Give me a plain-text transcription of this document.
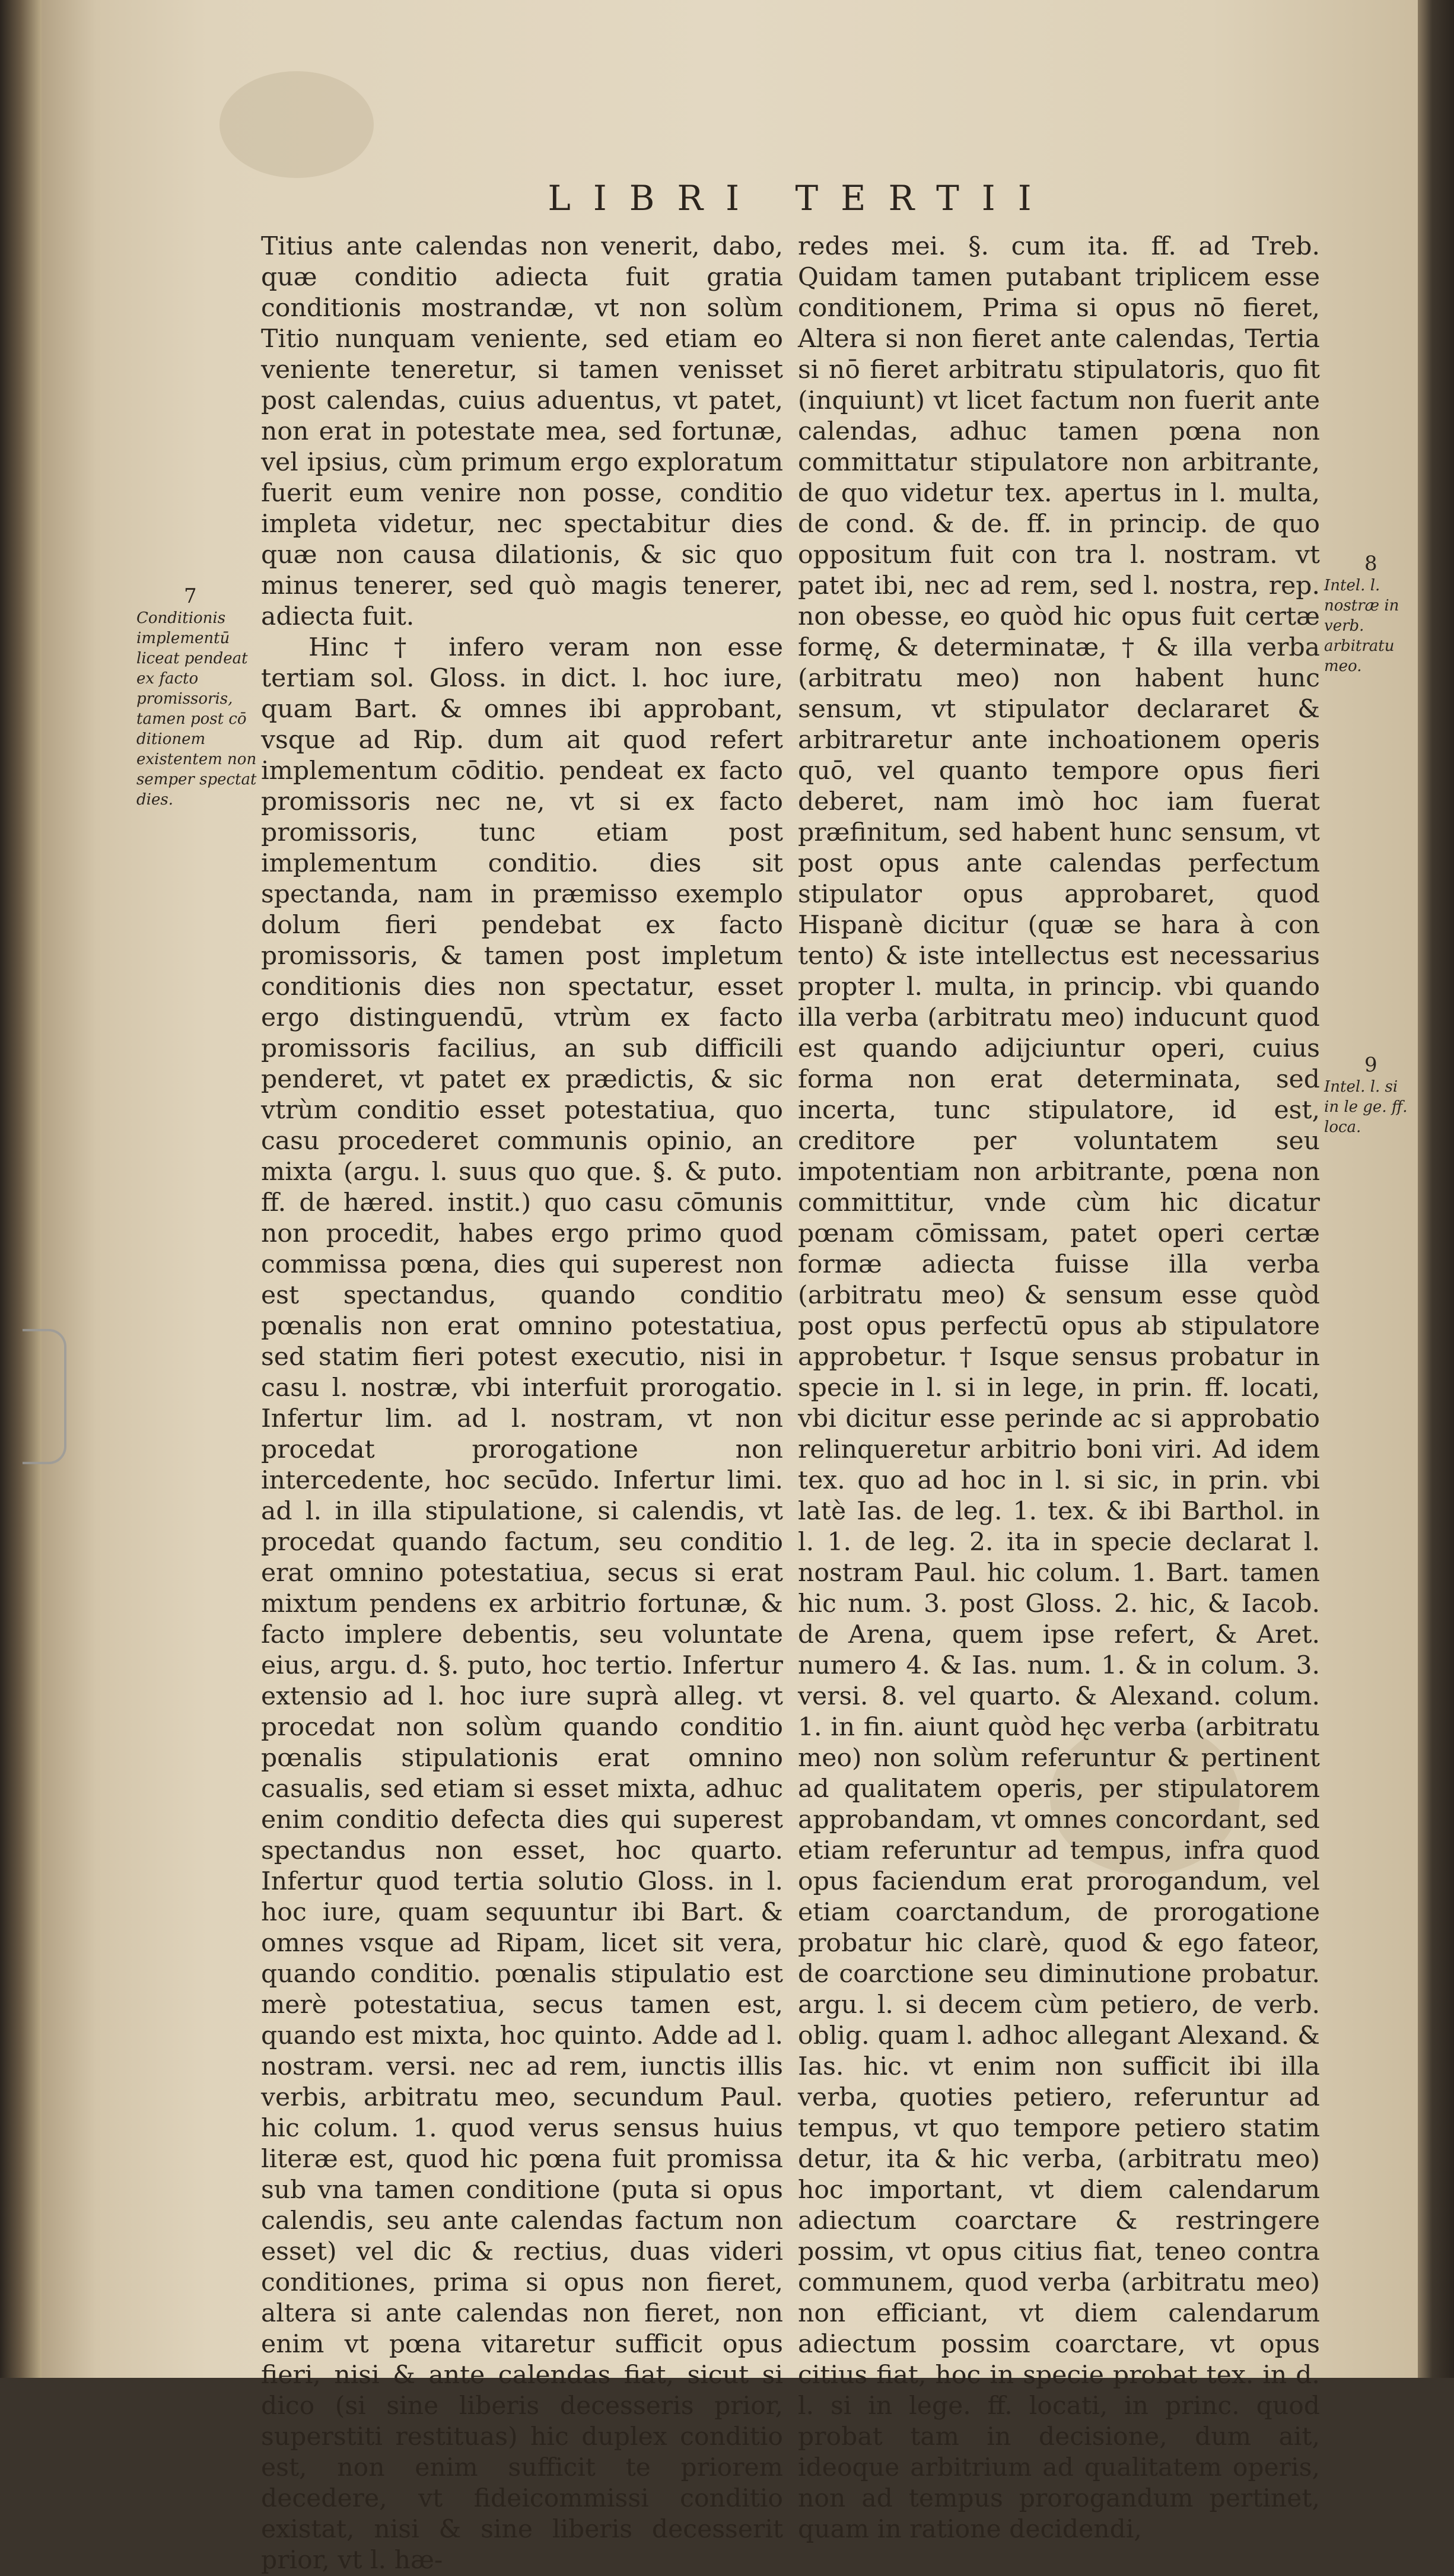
LIBRI TERTII

Titius ante calendas non venerit, dabo, quæ conditio adiecta fuit gratia conditionis mostrandæ, vt non solùm Titio nunquam veniente, sed etiam eo veniente teneretur, si tamen venisset post calendas, cuius aduentus, vt patet, non erat in potestate mea, sed fortunæ, vel ipsius, cùm primum ergo exploratum fuerit eum venire non posse, conditio impleta videtur, nec spectabitur dies quæ non causa dilationis, & sic quo minus tenerer, sed quò magis tenerer, adiecta fuit.

Hinc † infero veram non esse tertiam sol. Gloss. in dict. l. hoc iure, quam Bart. & omnes ibi approbant, vsque ad Rip. dum ait quod refert implementum cōditio. pendeat ex facto promissoris nec ne, vt si ex facto promissoris, tunc etiam post implementum conditio. dies sit spectanda, nam in præmisso exemplo dolum fieri pendebat ex facto promissoris, & tamen post impletum conditionis dies non spectatur, esset ergo distinguendū, vtrùm ex facto promissoris facilius, an sub difficili penderet, vt patet ex prædictis, & sic vtrùm conditio esset potestatiua, quo casu procederet communis opinio, an mixta (argu. l. suus quo que. §. & puto. ff. de hæred. instit.) quo casu cōmunis non procedit, habes ergo primo quod commissa pœna, dies qui superest non est spectandus, quando conditio pœnalis non erat omnino potestatiua, sed statim fieri potest executio, nisi in casu l. nostræ, vbi interfuit prorogatio. Infertur lim. ad l. nostram, vt non procedat prorogatione non intercedente, hoc secūdo. Infertur limi. ad l. in illa stipulatione, si calendis, vt procedat quando factum, seu conditio erat omnino potestatiua, secus si erat mixtum pendens ex arbitrio fortunæ, & facto implere debentis, seu voluntate eius, argu. d. §. puto, hoc tertio. Infertur extensio ad l. hoc iure suprà alleg. vt procedat non solùm quando conditio pœnalis stipulationis erat omnino casualis, sed etiam si esset mixta, adhuc enim conditio defecta dies qui superest spectandus non esset, hoc quarto. Infertur quod tertia solutio Gloss. in l. hoc iure, quam sequuntur ibi Bart. & omnes vsque ad Ripam, licet sit vera, quando conditio. pœnalis stipulatio est merè potestatiua, secus tamen est, quando est mixta, hoc quinto. Adde ad l. nostram. versi. nec ad rem, iunctis illis verbis, arbitratu meo, secundum Paul. hic colum. 1. quod verus sensus huius literæ est, quod hic pœna fuit promissa sub vna tamen conditione (puta si opus calendis, seu ante calendas factum non esset) vel dic & rectius, duas videri conditiones, prima si opus non fieret, altera si ante calendas non fieret, non enim vt pœna vitaretur sufficit opus fieri, nisi & ante calendas fiat, sicut si dico (si sine liberis decesseris prior, superstiti restituas) hic duplex conditio est, non enim sufficit te priorem decedere, vt fideicommissi conditio existat, nisi & sine liberis decesserit prior, vt l. hæ-

redes mei. §. cum ita. ff. ad Treb. Quidam tamen putabant triplicem esse conditionem, Prima si opus nō fieret, Altera si non fieret ante calendas, Tertia si nō fieret arbitratu stipulatoris, quo fit (inquiunt) vt licet factum non fuerit ante calendas, adhuc tamen pœna non committatur stipulatore non arbitrante, de quo videtur tex. apertus in l. multa, de cond. & de. ff. in princip. de quo oppositum fuit con tra l. nostram. vt patet ibi, nec ad rem, sed l. nostra, rep. non obesse, eo quòd hic opus fuit certæ formę, & determinatæ, † & illa verba (arbitratu meo) non habent hunc sensum, vt stipulator declararet & arbitraretur ante inchoationem operis quō, vel quanto tempore opus fieri deberet, nam imò hoc iam fuerat præfinitum, sed habent hunc sensum, vt post opus ante calendas perfectum stipulator opus approbaret, quod Hispanè dicitur (quæ se hara à con tento) & iste intellectus est necessarius propter l. multa, in princip. vbi quando illa verba (arbitratu meo) inducunt quod est quando adijciuntur operi, cuius forma non erat determinata, sed incerta, tunc stipulatore, id est, creditore per voluntatem seu impotentiam non arbitrante, pœna non committitur, vnde cùm hic dicatur pœnam cōmissam, patet operi certæ formæ adiecta fuisse illa verba (arbitratu meo) & sensum esse quòd post opus perfectū opus ab stipulatore approbetur. † Isque sensus probatur in specie in l. si in lege, in prin. ff. locati, vbi dicitur esse perinde ac si approbatio relinqueretur arbitrio boni viri. Ad idem tex. quo ad hoc in l. si sic, in prin. vbi latè Ias. de leg. 1. tex. & ibi Barthol. in l. 1. de leg. 2. ita in specie declarat l. nostram Paul. hic colum. 1. Bart. tamen hic num. 3. post Gloss. 2. hic, & Iacob. de Arena, quem ipse refert, & Aret. numero 4. & Ias. num. 1. & in colum. 3. versi. 8. vel quarto. & Alexand. colum. 1. in fin. aiunt quòd hęc verba (arbitratu meo) non solùm referuntur & pertinent ad qualitatem operis, per stipulatorem approbandam, vt omnes concordant, sed etiam referuntur ad tempus, infra quod opus faciendum erat prorogandum, vel etiam coarctandum, de prorogatione probatur hic clarè, quod & ego fateor, de coarctione seu diminutione probatur. argu. l. si decem cùm petiero, de verb. oblig. quam l. adhoc allegant Alexand. & Ias. hic. vt enim non sufficit ibi illa verba, quoties petiero, referuntur ad tempus, vt quo tempore petiero statim detur, ita & hic verba, (arbitratu meo) hoc important, vt diem calendarum adiectum coarctare & restringere possim, vt opus citius fiat, teneo contra communem, quod verba (arbitratu meo) non efficiant, vt diem calendarum adiectum possim coarctare, vt opus citius fiat, hoc in specie probat tex. in d. l. si in lege. ff. locati, in princ. quod probat tam in decisione, dum ait, ideoque arbitrium ad qualitatem operis, non ad tempus prorogandum pertinet, quam in ratione decidendi,

7
Conditionis implementū liceat pendeat ex facto promissoris, tamen post cō ditionem existentem non semper spectat dies.
8
Intel. l. nostræ in verb. arbitratu meo.
9
Intel. l. si in le ge. ff. loca.
